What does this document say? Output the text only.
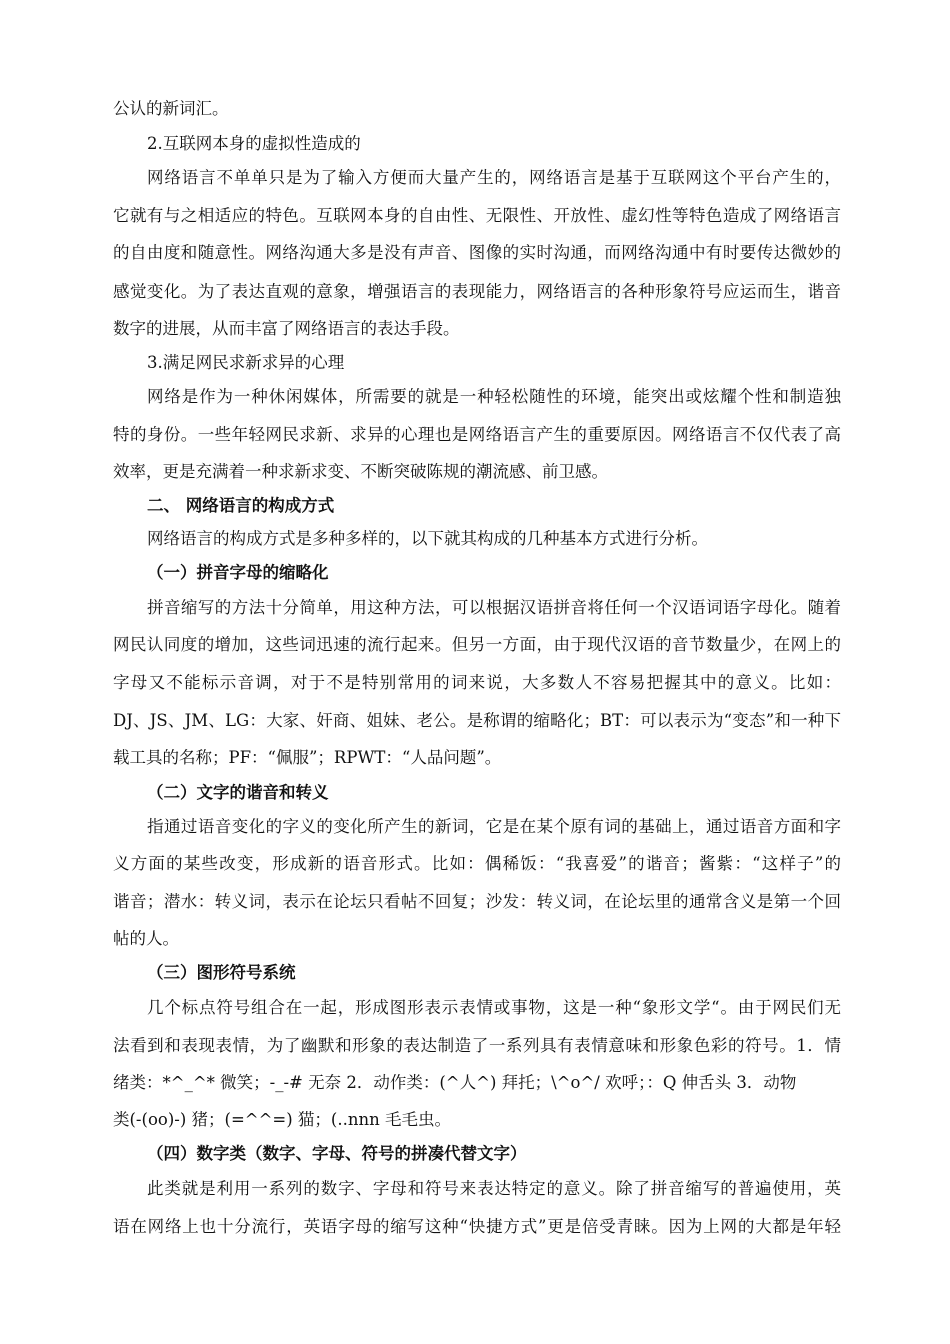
公认的新词汇。
2.互联网本身的虚拟性造成的
网络语言不单单只是为了输入方便而大量产生的，网络语言是基于互联网这个平台产生的，
它就有与之相适应的特色。互联网本身的自由性、无限性、开放性、虚幻性等特色造成了网络语言
的自由度和随意性。网络沟通大多是没有声音、图像的实时沟通，而网络沟通中有时要传达微妙的
感觉变化。为了表达直观的意象，增强语言的表现能力，网络语言的各种形象符号应运而生，谐音
数字的进展，从而丰富了网络语言的表达手段。
3.满足网民求新求异的心理
网络是作为一种休闲媒体，所需要的就是一种轻松随性的环境，能突出或炫耀个性和制造独
特的身份。一些年轻网民求新、求异的心理也是网络语言产生的重要原因。网络语言不仅代表了高
效率，更是充满着一种求新求变、不断突破陈规的潮流感、前卫感。
二、 网络语言的构成方式
网络语言的构成方式是多种多样的，以下就其构成的几种基本方式进行分析。
（一）拼音字母的缩略化
拼音缩写的方法十分简单，用这种方法，可以根据汉语拼音将任何一个汉语词语字母化。随着
网民认同度的增加，这些词迅速的流行起来。但另一方面，由于现代汉语的音节数量少，在网上的
字母又不能标示音调，对于不是特别常用的词来说，大多数人不容易把握其中的意义。比如：
DJ、JS、JM、LG：大家、奸商、姐妹、老公。是称谓的缩略化；BT：可以表示为“变态”和一种下
载工具的名称；PF：“佩服”；RPWT：“人品问题”。
（二）文字的谐音和转义
指通过语音变化的字义的变化所产生的新词，它是在某个原有词的基础上，通过语音方面和字
义方面的某些改变，形成新的语音形式。比如：偶稀饭：“我喜爱”的谐音；酱紫：“这样子”的
谐音；潜水：转义词，表示在论坛只看帖不回复；沙发：转义词，在论坛里的通常含义是第一个回
帖的人。
（三）图形符号系统
几个标点符号组合在一起，形成图形表示表情或事物，这是一种“象形文学“。由于网民们无
法看到和表现表情，为了幽默和形象的表达制造了一系列具有表情意味和形象色彩的符号。1．情
绪类：*^_^* 微笑；-_-# 无奈 2．动作类：(^人^) 拜托；\^o^/ 欢呼；：Q 伸舌头 3．动物
类(-(oo)-) 猪；(=^^=) 猫；(..nnn 毛毛虫。
（四）数字类（数字、字母、符号的拼凑代替文字）
此类就是利用一系列的数字、字母和符号来表达特定的意义。除了拼音缩写的普遍使用，英
语在网络上也十分流行，英语字母的缩写这种“快捷方式”更是倍受青睐。因为上网的大都是年轻
